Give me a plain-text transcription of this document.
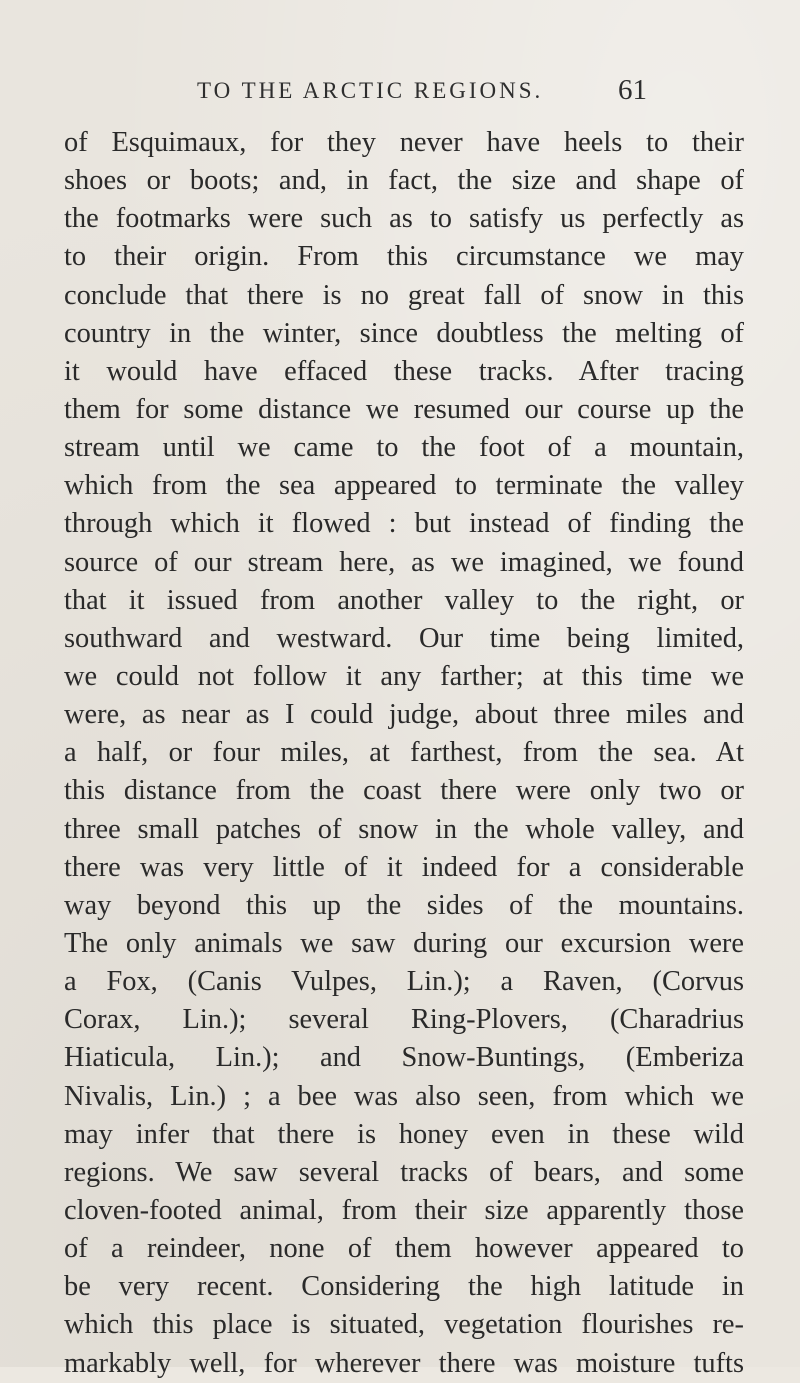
TO THE ARCTIC REGIONS.	61
of Esquimaux, for they never have heels to their
shoes or boots; and, in fact, the size and shape of
the footmarks were such as to satisfy us perfectly as
to their origin. From this circumstance we may
conclude that there is no great fall of snow in this
country in the winter, since doubtless the melting of
it would have effaced these tracks. After tracing
them for some distance we resumed our course up the
stream until we came to the foot of a mountain,
which from the sea appeared to terminate the valley
through which it flowed : but instead of finding the
source of our stream here, as we imagined, we found
that it issued from another valley to the right, or
southward and westward. Our time being limited,
we could not follow it any farther; at this time we
were, as near as I could judge, about three miles and
a half, or four miles, at farthest, from the sea. At
this distance from the coast there were only two or
three small patches of snow in the whole valley, and
there was very little of it indeed for a considerable
way beyond this up the sides of the mountains.
The only animals we saw during our excursion were
a Fox, (Canis Vulpes, Lin.); a Raven, (Corvus
Corax, Lin.); several Ring-Plovers, (Charadrius
Hiaticula, Lin.); and Snow-Buntings, (Emberiza
Nivalis, Lin.) ; a bee was also seen, from which we
may infer that there is honey even in these wild
regions. We saw several tracks of bears, and some
cloven-footed animal, from their size apparently those
of a reindeer, none of them however appeared to
be very recent. Considering the high latitude in
which this place is situated, vegetation flourishes re-
markably well, for wherever there was moisture tufts
